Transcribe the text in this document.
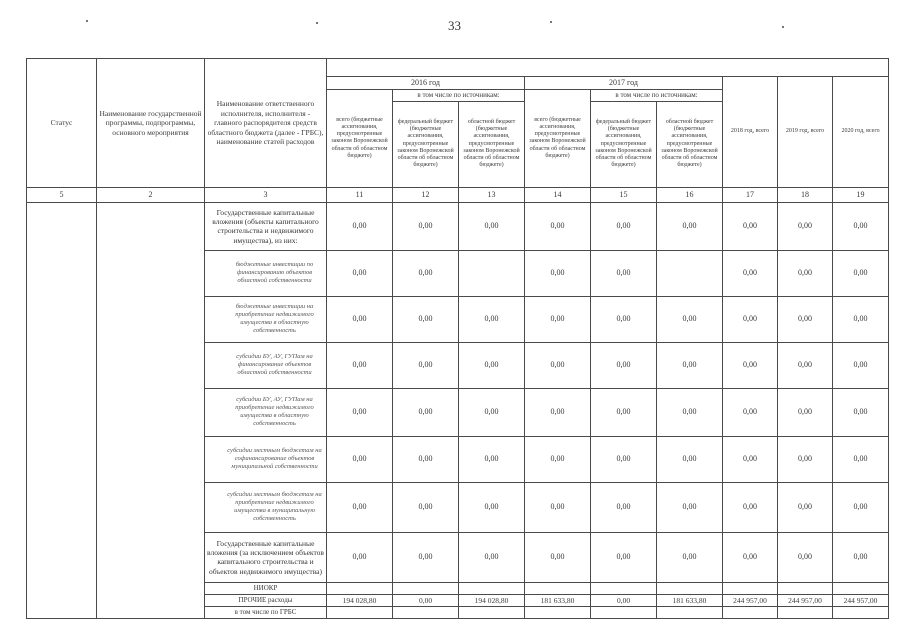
33
Статус	Наименование государственной программы, подпрограммы, основного мероприятия	Наименование ответственного исполнителя, исполнителя - главного распорядителя средств областного бюджета (далее - ГРБС), наименование статей расходов									
			2016 год			2017 год			2018 год, всего	2019 год, всего	2020 год, всего
			всего (бюджетные ассигнования, предусмотренные законом Воронежской области об областном бюджете)	в том числе по источникам:		всего (бюджетные ассигнования, предусмотренные законом Воронежской области об областном бюджете)	в том числе по источникам:				
				федеральный бюджет (бюджетные ассигнования, предусмотренные законом Воронежской области об областном бюджете)	областной бюджет (бюджетные ассигнования, предусмотренные законом Воронежской области об областном бюджете)		федеральный бюджет (бюджетные ассигнования, предусмотренные законом Воронежской области об областном бюджете)	областной бюджет (бюджетные ассигнования, предусмотренные законом Воронежской области об областном бюджете)			
5	2	3	11	12	13	14	15	16	17	18	19
		Государственные капитальные вложения (объекты капитального строительства и недвижимого имущества), из них:	0,00	0,00	0,00	0,00	0,00	0,00	0,00	0,00	0,00
		бюджетные инвестиции по финансированию объектов областной собственности	0,00	0,00		0,00	0,00		0,00	0,00	0,00
		бюджетные инвестиции на приобретение недвижимого имущества в областную собственность	0,00	0,00	0,00	0,00	0,00	0,00	0,00	0,00	0,00
		субсидии БУ, АУ, ГУПам на финансирование объектов областной собственности	0,00	0,00	0,00	0,00	0,00	0,00	0,00	0,00	0,00
		субсидии БУ, АУ, ГУПам на приобретение недвижимого имущества в областную собственность	0,00	0,00	0,00	0,00	0,00	0,00	0,00	0,00	0,00
		субсидии местным бюджетам на софинансирование объектов муниципальной собственности	0,00	0,00	0,00	0,00	0,00	0,00	0,00	0,00	0,00
		субсидии местным бюджетам на приобретение недвижимого имущества в муниципальную собственность	0,00	0,00	0,00	0,00	0,00	0,00	0,00	0,00	0,00
		Государственные капитальные вложения (за исключением объектов капитального строительства и объектов недвижимого имущества)	0,00	0,00	0,00	0,00	0,00	0,00	0,00	0,00	0,00
		НИОКР									
		ПРОЧИЕ расходы	194 028,80	0,00	194 028,80	181 633,80	0,00	181 633,80	244 957,00	244 957,00	244 957,00
		в том числе по ГРБС									
